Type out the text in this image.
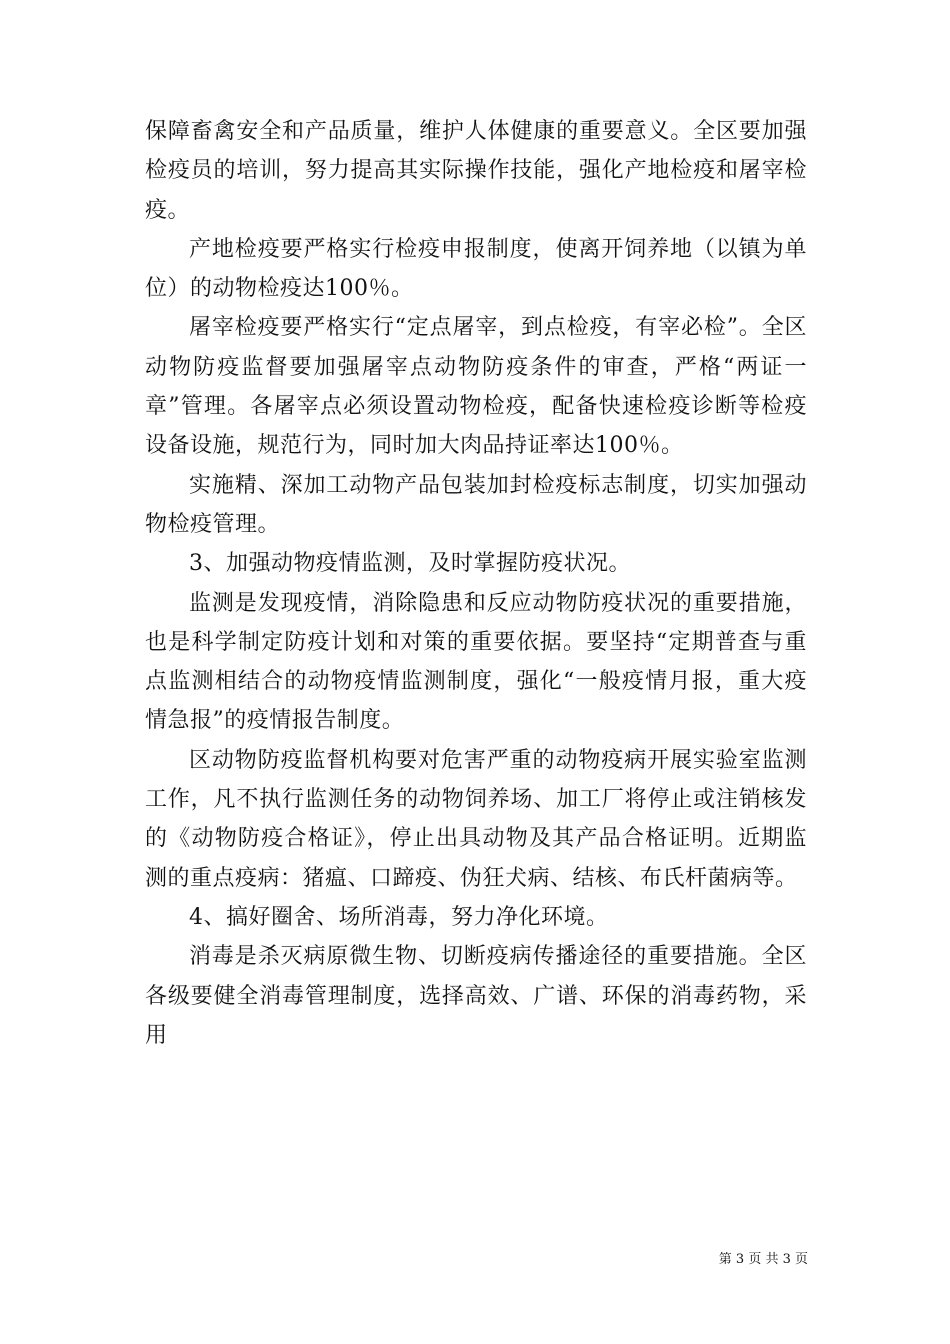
保障畜禽安全和产品质量，维护人体健康的重要意义。全区要加强检疫员的培训，努力提高其实际操作技能，强化产地检疫和屠宰检疫。

产地检疫要严格实行检疫申报制度，使离开饲养地（以镇为单位）的动物检疫达100％。

屠宰检疫要严格实行“定点屠宰，到点检疫，有宰必检”。全区动物防疫监督要加强屠宰点动物防疫条件的审查，严格“两证一章”管理。各屠宰点必须设置动物检疫，配备快速检疫诊断等检疫设备设施，规范行为，同时加大肉品持证率达100％。

实施精、深加工动物产品包装加封检疫标志制度，切实加强动物检疫管理。

3、加强动物疫情监测，及时掌握防疫状况。

监测是发现疫情，消除隐患和反应动物防疫状况的重要措施，也是科学制定防疫计划和对策的重要依据。要坚持“定期普查与重点监测相结合的动物疫情监测制度，强化“一般疫情月报，重大疫情急报”的疫情报告制度。

区动物防疫监督机构要对危害严重的动物疫病开展实验室监测工作，凡不执行监测任务的动物饲养场、加工厂将停止或注销核发的《动物防疫合格证》，停止出具动物及其产品合格证明。近期监测的重点疫病：猪瘟、口蹄疫、伪狂犬病、结核、布氏杆菌病等。

4、搞好圈舍、场所消毒，努力净化环境。

消毒是杀灭病原微生物、切断疫病传播途径的重要措施。全区各级要健全消毒管理制度，选择高效、广谱、环保的消毒药物，采用

第 3 页 共 3 页
